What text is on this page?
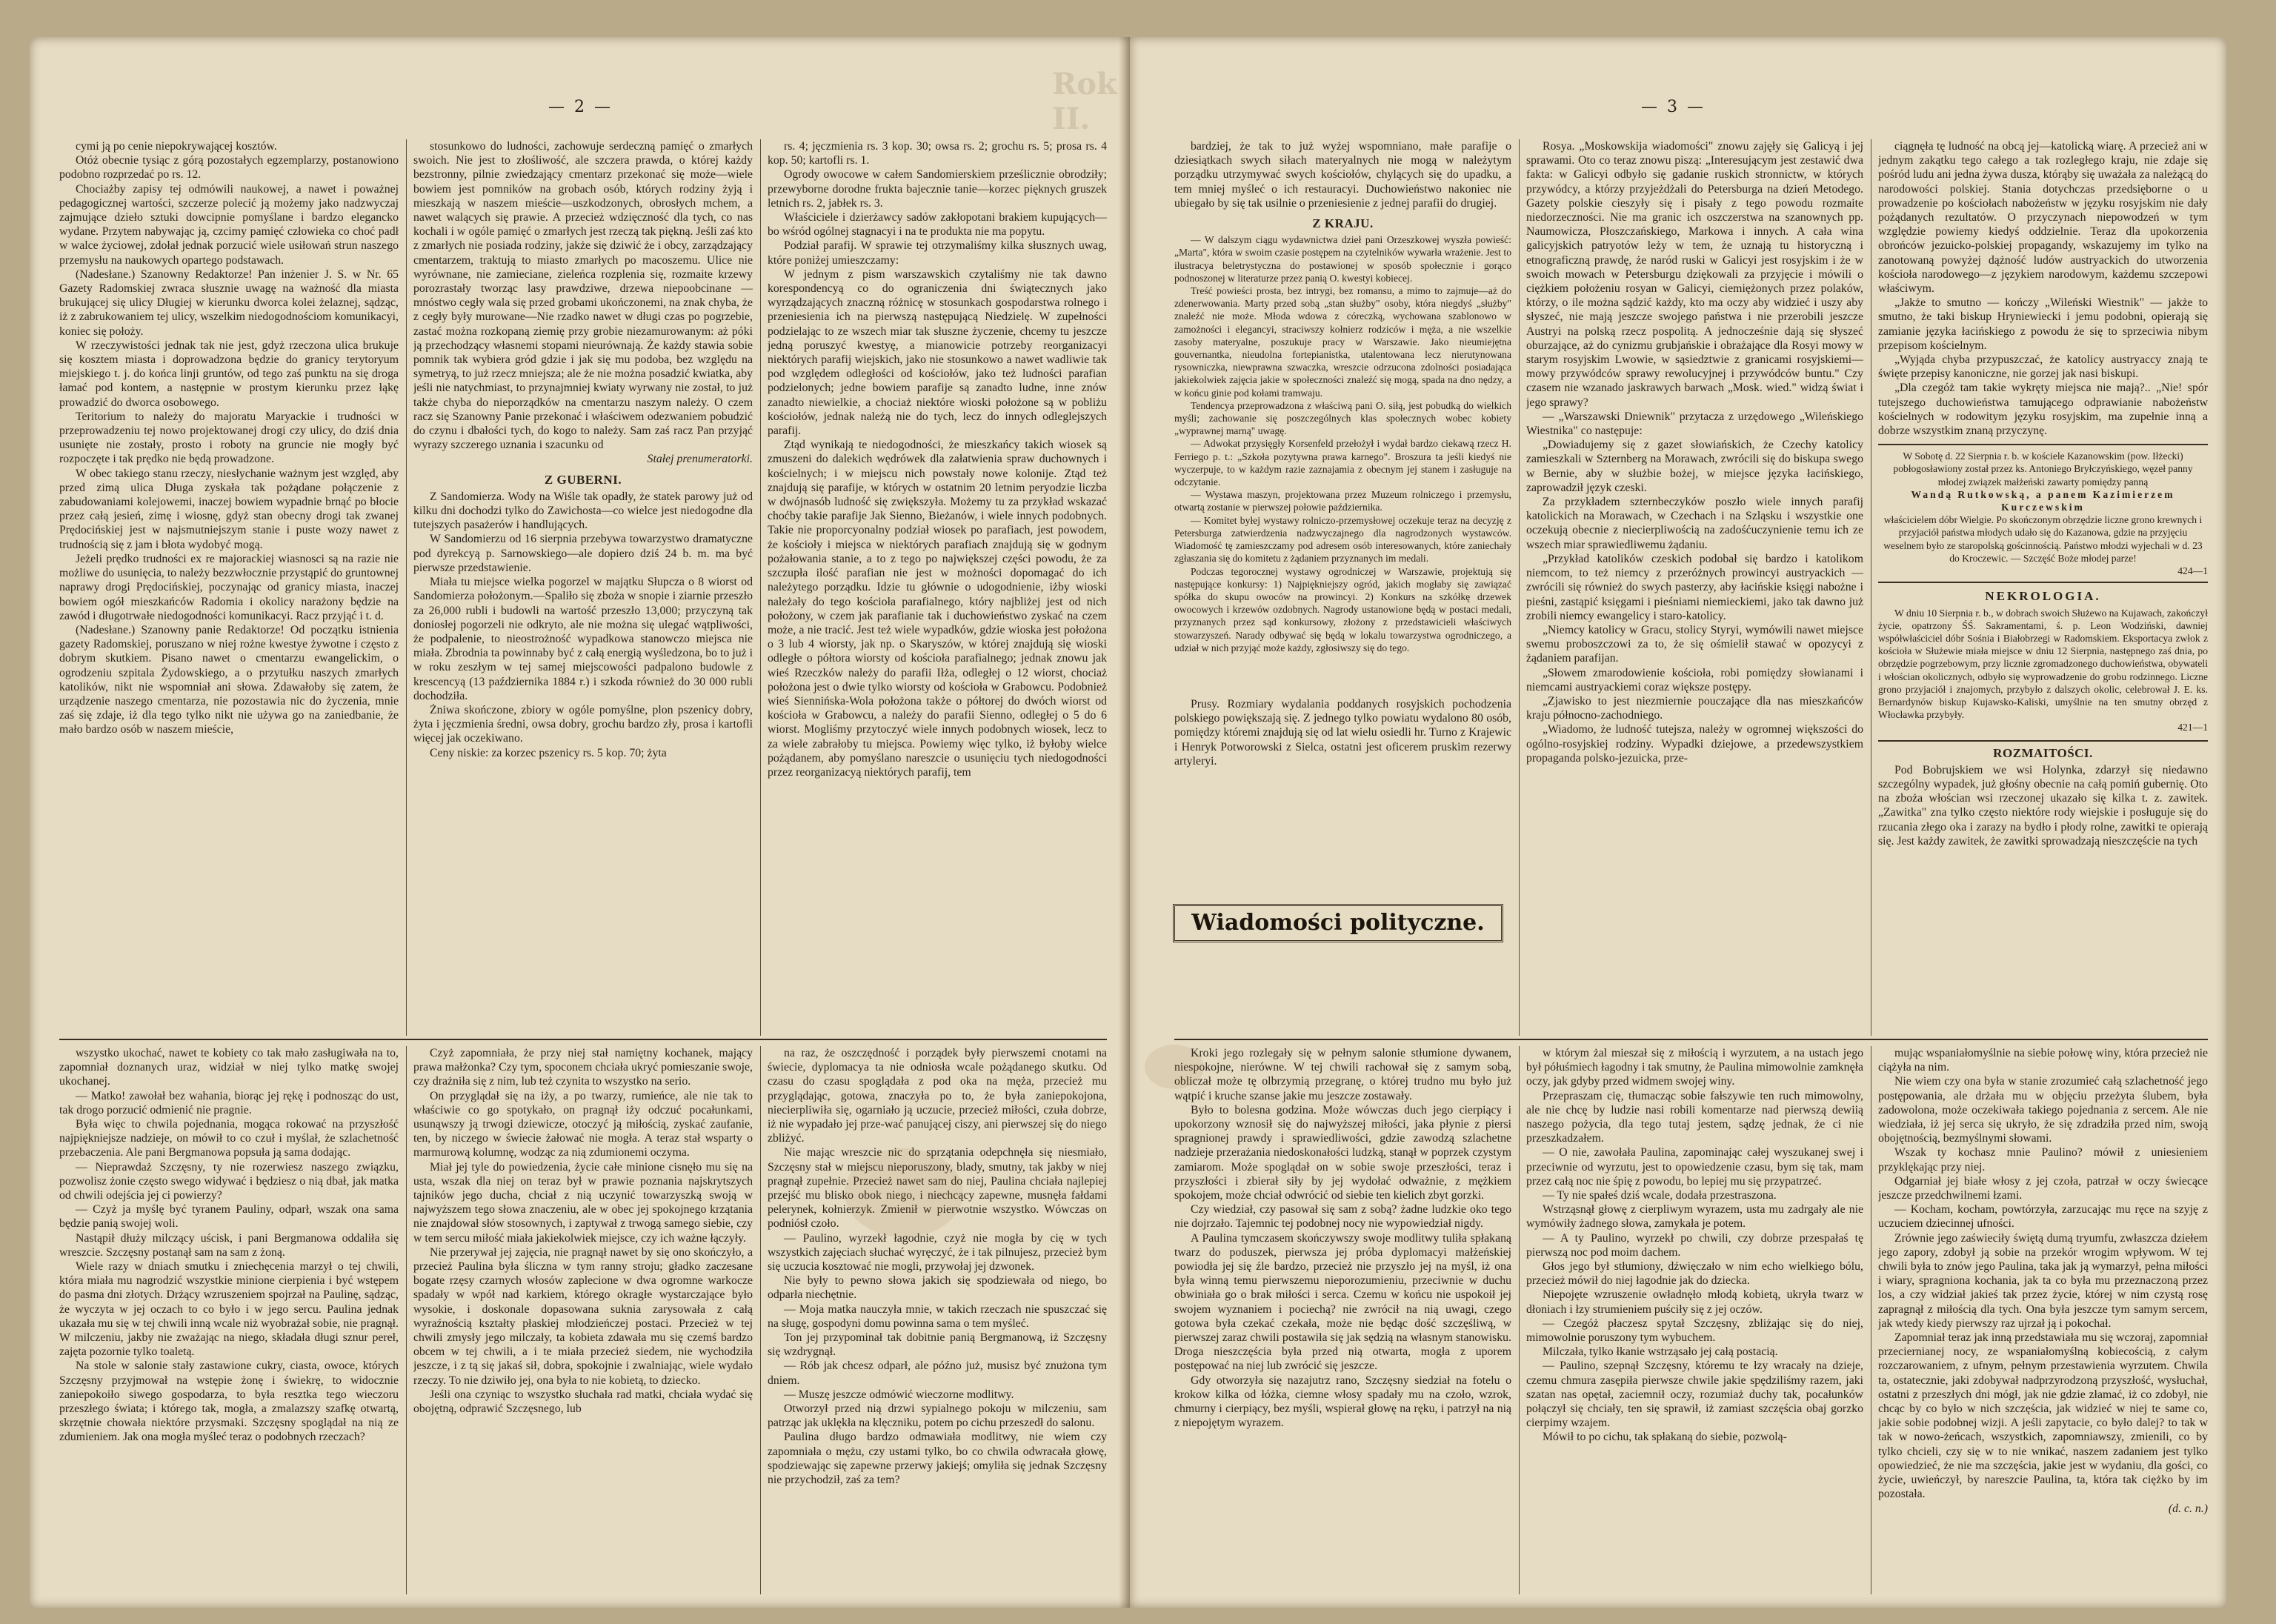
Rok II.
— 2 —

cymi ją po cenie niepokrywającej kosztów.

Otóż obecnie tysiąc z górą pozostałych egzemplarzy, postanowiono podobno rozprzedać po rs. 12.

Chociażby zapisy tej odmówili naukowej, a nawet i poważnej pedagogicznej wartości, szczerze polecić ją możemy jako nadzwyczaj zajmujące dzieło sztuki dowcipnie pomyślane i bardzo elegancko wydane. Przytem nabywając ją, czcimy pamięć człowieka co choć padł w walce życiowej, zdołał jednak porzucić wiele usiłowań strun naszego przemysłu na naukowych opartego podstawach.

(Nadesłane.) Szanowny Redaktorze! Pan inżenier J. S. w Nr. 65 Gazety Radomskiej zwraca słusznie uwagę na ważność dla miasta brukującej się ulicy Długiej w kierunku dworca kolei żelaznej, sądząc, iż z zabrukowaniem tej ulicy, wszelkim niedogodnościom komunikacyi, koniec się położy.

W rzeczywistości jednak tak nie jest, gdyż rzeczona ulica brukuje się kosztem miasta i doprowadzona będzie do granicy terytoryum miejskiego t. j. do końca linji gruntów, od tego zaś punktu na się droga łamać pod kontem, a następnie w prostym kierunku przez łąkę prowadzić do dworca osobowego.

Teritorium to należy do majoratu Maryackie i trudności w przeprowadzeniu tej nowo projektowanej drogi czy ulicy, do dziś dnia usunięte nie zostały, prosto i roboty na gruncie nie mogły być rozpoczęte i tak prędko nie będą prowadzone.

W obec takiego stanu rzeczy, niesłychanie ważnym jest względ, aby przed zimą ulica Długa zyskała tak pożądane połączenie z zabudowaniami kolejowemi, inaczej bowiem wypadnie brnąć po błocie przez całą jesień, zimę i wiosnę, gdyż stan obecny drogi tak zwanej Prędocińskiej jest w najsmutniejszym stanie i puste wozy nawet z trudnością się z jam i błota wydobyć mogą.

Jeżeli prędko trudności ex re majorackiej wiasnosci są na razie nie możliwe do usunięcia, to należy bezzwłocznie przystąpić do gruntownej naprawy drogi Prędocińskiej, poczynając od granicy miasta, inaczej bowiem ogół mieszkańców Radomia i okolicy narażony będzie na zawód i długotrwałe niedogodności komunikacyi. Racz przyjąć i t. d.

(Nadesłane.) Szanowny panie Redaktorze! Od początku istnienia gazety Radomskiej, poruszano w niej rożne kwestye żywotne i często z dobrym skutkiem. Pisano nawet o cmentarzu ewangelickim, o ogrodzeniu szpitala Żydowskiego, a o przytułku naszych zmarłych katolików, nikt nie wspomniał ani słowa. Zdawałoby się zatem, że urządzenie naszego cmentarza, nie pozostawia nic do życzenia, mnie zaś się zdaje, iż dla tego tylko nikt nie używa go na zaniedbanie, że mało bardzo osób w naszem mieście,

stosunkowo do ludności, zachowuje serdeczną pamięć o zmarłych swoich. Nie jest to złośliwość, ale szczera prawda, o której każdy bezstronny, pilnie zwiedzający cmentarz przekonać się może—wiele bowiem jest pomników na grobach osób, których rodziny żyją i mieszkają w naszem mieście—uszkodzonych, obrosłych mchem, a nawet walących się prawie. A przecież wdzięczność dla tych, co nas kochali i w ogóle pamięć o zmarłych jest rzeczą tak piękną. Jeśli zaś kto z zmarłych nie posiada rodziny, jakże się dziwić że i obcy, zarządzający cmentarzem, traktują to miasto zmarłych po macoszemu. Ulice nie wyrównane, nie zamieciane, zieleńca rozplenia się, rozmaite krzewy porozrastały tworząc lasy prawdziwe, drzewa niepoobcinane — mnóstwo cegły wala się przed grobami ukończonemi, na znak chyba, że z cegły były murowane—Nie rzadko nawet w długi czas po pogrzebie, zastać można rozkopaną ziemię przy grobie niezamurowanym: aż póki ją przechodzący własnemi stopami nieurównają. Że każdy stawia sobie pomnik tak wybiera gród gdzie i jak się mu podoba, bez względu na symetryą, to już rzecz mniejsza; ale że nie można posadzić kwiatka, aby jeśli nie natychmiast, to przynajmniej kwiaty wyrwany nie został, to już także chyba do nieporządków na cmentarzu naszym należy. O czem racz się Szanowny Panie przekonać i właściwem odezwaniem pobudzić do czynu i dbałości tych, do kogo to należy. Sam zaś racz Pan przyjąć wyrazy szczerego uznania i szacunku od

Stałej prenumeratorki.

Z GUBERNI.

Z Sandomierza. Wody na Wiśle tak opadły, że statek parowy już od kilku dni dochodzi tylko do Zawichosta—co wielce jest niedogodne dla tutejszych pasażerów i handlujących.

W Sandomierzu od 16 sierpnia przebywa towarzystwo dramatyczne pod dyrekcyą p. Sarnowskiego—ale dopiero dziś 24 b. m. ma być pierwsze przedstawienie.

Miała tu miejsce wielka pogorzel w majątku Słupcza o 8 wiorst od Sandomierza położonym.—Spaliło się zboża w snopie i ziarnie przeszło za 26,000 rubli i budowli na wartość przeszło 13,000; przyczyną tak doniosłej pogorzeli nie odkryto, ale nie można się ulegać wątpliwości, że podpalenie, to nieostrożność wypadkowa stanowczo miejsca nie miała. Zbrodnia ta powinnaby być z całą energią wyśledzona, bo to już i w roku zeszłym w tej samej miejscowości padpalono budowle z krescencyą (13 października 1884 r.) i szkoda również do 30 000 rubli dochodziła.

Żniwa skończone, zbiory w ogóle pomyślne, plon pszenicy dobry, żyta i jęczmienia średni, owsa dobry, grochu bardzo zły, prosa i kartofli więcej jak oczekiwano.

Ceny niskie: za korzec pszenicy rs. 5 kop. 70; żyta

rs. 4; jęczmienia rs. 3 kop. 30; owsa rs. 2; grochu rs. 5; prosa rs. 4 kop. 50; kartofli rs. 1.

Ogrody owocowe w całem Sandomierskiem prześlicznie obrodziły; przewyborne dorodne frukta bajecznie tanie—korzec pięknych gruszek letnich rs. 2, jabłek rs. 3.

Właściciele i dzierżawcy sadów zakłopotani brakiem kupujących—bo wśród ogólnej stagnacyi i na te produkta nie ma popytu.

Podział parafij. W sprawie tej otrzymaliśmy kilka słusznych uwag, które poniżej umieszczamy:

W jednym z pism warszawskich czytaliśmy nie tak dawno korespondencyą co do ograniczenia dni świątecznych jako wyrządzających znaczną różnicę w stosunkach gospodarstwa rolnego i przeniesienia ich na pierwszą następującą Niedzielę. W zupełności podzielając to ze wszech miar tak słuszne życzenie, chcemy tu jeszcze jedną poruszyć kwestyę, a mianowicie potrzeby reorganizacyi niektórych parafij wiejskich, jako nie stosunkowo a nawet wadliwie tak pod względem odległości od kościołów, jako też ludności parafian podzielonych; jedne bowiem parafije są zanadto ludne, inne znów zanadto niewielkie, a chociaż niektóre wioski położone są w pobliżu kościołów, jednak należą nie do tych, lecz do innych odleglejszych parafij.

Ztąd wynikają te niedogodności, że mieszkańcy takich wiosek są zmuszeni do dalekich wędrówek dla załatwienia spraw duchownych i kościelnych; i w miejscu nich powstały nowe kolonije. Ztąd też znajdują się parafije, w których w ostatnim 20 letnim peryodzie liczba w dwójnasób ludność się zwiększyła. Możemy tu za przykład wskazać choćby takie parafije Jak Sienno, Bieżanów, i wiele innych podobnych. Takie nie proporcyonalny podział wiosek po parafiach, jest powodem, że kościoły i miejsca w niektórych parafiach znajdują się w godnym pożałowania stanie, a to z tego po największej części powodu, że za szczupła ilość parafian nie jest w możności dopomagać do ich należytego porządku. Idzie tu głównie o udogodnienie, iżby wioski należały do tego kościoła parafialnego, który najbliżej jest od nich położony, w czem jak parafianie tak i duchowieństwo zyskać na czem może, a nie tracić. Jest też wiele wypadków, gdzie wioska jest położona o 3 lub 4 wiorsty, jak np. o Skaryszów, w której znajdują się wioski odległe o półtora wiorsty od kościoła parafialnego; jednak znowu jak wieś Rzeczków należy do parafii Iłża, odległej o 12 wiorst, chociaż położona jest o dwie tylko wiorsty od kościoła w Grabowcu. Podobnież wieś Siennińska-Wola położona także o półtorej do dwóch wiorst od kościoła w Grabowcu, a należy do parafii Sienno, odległej o 5 do 6 wiorst. Mogliśmy przytoczyć wiele innych podobnych wiosek, lecz to za wiele zabrałoby tu miejsca. Powiemy więc tylko, iż byłoby wielce pożądanem, aby pomyślano nareszcie o usunięciu tych niedogodności przez reorganizacyą niektórych parafij, tem

wszystko ukochać, nawet te kobiety co tak mało zasługiwała na to, zapomniał doznanych uraz, widział w niej tylko matkę swojej ukochanej.

— Matko! zawołał bez wahania, biorąc jej rękę i podnosząc do ust, tak drogo porzucić odmienić nie pragnie.

Była więc to chwila pojednania, mogąca rokować na przyszłość najpiękniejsze nadzieje, on mówił to co czuł i myślał, że szlachetność przebaczenia. Ale pani Bergmanowa popsuła ją sama dodając.

— Nieprawdaż Szczęsny, ty nie rozerwiesz naszego związku, pozwolisz żonie często swego widywać i będziesz o nią dbał, jak matka od chwili odejścia jej ci powierzy?

— Czyż ja myślę być tyranem Pauliny, odparł, wszak ona sama będzie panią swojej woli.

Nastąpił dłuży milczący uścisk, i pani Bergmanowa oddaliła się wreszcie. Szczęsny postanął sam na sam z żoną.

Wiele razy w dniach smutku i zniechęcenia marzył o tej chwili, która miała mu nagrodzić wszystkie minione cierpienia i być wstępem do pasma dni złotych. Drżący wzruszeniem spojrzał na Paulinę, sądząc, że wyczyta w jej oczach to co było i w jego sercu. Paulina jednak ukazała mu się w tej chwili inną wcale niż wyobrażał sobie, nie pragnął. W milczeniu, jakby nie zważając na niego, składała długi sznur pereł, zajęta pozornie tylko toaletą.

Na stole w salonie stały zastawione cukry, ciasta, owoce, których Szczęsny przyjmował na wstępie żonę i świekrę, to widocznie zaniepokoiło siwego gospodarza, to była resztka tego wieczoru przeszłego świata; i którego tak, mogła, a zmalazszy szafkę otwartą, skrzętnie chowała niektóre przysmaki. Szczęsny spoglądał na nią ze zdumieniem. Jak ona mogła myśleć teraz o podobnych rzeczach?

Czyż zapomniała, że przy niej stał namiętny kochanek, mający prawa małżonka? Czy tym, spoconem chciała ukryć pomieszanie swoje, czy drażniła się z nim, lub też czynita to wszystko na serio.

On przyglądał się na iży, a po twarzy, rumieńce, ale nie tak to właściwie co go spotykało, on pragnął iży odczuć pocałunkami, usunąwszy ją trwogi dziewicze, otoczyć ją miłością, zyskać zaufanie, ten, by niczego w świecie żałować nie mogła. A teraz stał wsparty o marmurową kolumnę, wodząc za nią zdumionemi oczyma.

Miał jej tyle do powiedzenia, życie całe minione cisnęło mu się na usta, wszak dla niej on teraz był w prawie poznania najskrytszych tajników jego ducha, chciał z nią uczynić towarzyszką swoją w najwyższem tego słowa znaczeniu, ale w obec jej spokojnego krzątania nie znajdował słów stosownych, i zaptywał z trwogą samego siebie, czy w tem sercu miłość miała jakiekolwiek miejsce, czy ich ważne łączyły.

Nie przerywał jej zajęcia, nie pragnął nawet by się ono skończyło, a przecież Paulina była śliczna w tym ranny stroju; gładko zaczesane bogate rzęsy czarnych włosów zaplecione w dwa ogromne warkocze spadały w wpół nad karkiem, którego okragłe wystarczające było wysokie, i doskonale dopasowana suknia zarysowała z całą wyraźnością kształty płaskiej młodzieńczej postaci. Przecież w tej chwili zmysły jego milczały, ta kobieta zdawała mu się czemś bardzo obcem w tej chwili, a i te miała przecież siedem, nie wychodziła jeszcze, i z tą się jakaś sił, dobra, spokojnie i zwalniając, wiele wydało rzeczy. To nie dziwiło jej, ona była to nie kobietą, to dziecko.

Jeśli ona czyniąc to wszystko słuchała rad matki, chciała wydać się obojętną, odprawić Szczęsnego, lub

na raz, że oszczędność i porządek były pierwszemi cnotami na świecie, dyplomacya ta nie odniosła wcale pożądanego skutku. Od czasu do czasu spoglądała z pod oka na męża, przecież mu przyglądając, gotowa, znaczyła po to, że była zaniepokojona, niecierpliwiła się, ogarniało ją uczucie, przecież miłości, czuła dobrze, iż nie wypadało jej prze-wać panującej ciszy, ani pierwszej się do niego zbliżyć.

Nie mając wreszcie nic do sprzątania odepchnęła się niesmiało, Szczęsny stał w miejscu nieporuszony, blady, smutny, tak jakby w niej pragnął zupełnie. Przecież nawet sam do niej, Paulina chciała najlepiej przejść mu blisko obok niego, i niechcący zapewne, musnęła fałdami pelerynek, kołnierzyk. Zmienił w pierwotnie wszystko. Wówczas on podniósł czoło.

— Paulino, wyrzekł łagodnie, czyż nie mogła by cię w tych wszystkich zajęciach słuchać wyręczyć, że i tak pilnujesz, przecież bym się uczucia kosztować nie mogli, przywołaj jej dzwonek.

Nie były to pewno słowa jakich się spodziewała od niego, bo odparła niechętnie.

— Moja matka nauczyła mnie, w takich rzeczach nie spuszczać się na sługę, gospodyni domu powinna sama o tem myśleć.

Ton jej przypominał tak dobitnie panią Bergmanową, iż Szczęsny się wzdrygnął.

— Rób jak chcesz odparł, ale późno już, musisz być znużona tym dniem.

— Muszę jeszcze odmówić wieczorne modlitwy.

Otworzył przed nią drzwi sypialnego pokoju w milczeniu, sam patrząc jak uklękła na klęczniku, potem po cichu przeszedł do salonu.

Paulina długo bardzo odmawiała modlitwy, nie wiem czy zapomniała o mężu, czy ustami tylko, bo co chwila odwracała głowę, spodziewając się zapewne przerwy jakiejś; omyliła się jednak Szczęsny nie przychodził, zaś za tem?

— 3 —

bardziej, że tak to już wyżej wspomniano, małe parafije o dziesiątkach swych siłach materyalnych nie mogą w należytym porządku utrzymywać swych kościołów, chylących się do upadku, a tem mniej myśleć o ich restauracyi. Duchowieństwo nakoniec nie ubiegało by się tak usilnie o przeniesienie z jednej parafii do drugiej.

Z KRAJU.

— W dalszym ciągu wydawnictwa dzieł pani Orzeszkowej wyszła powieść: „Marta", która w swoim czasie postępem na czytelników wywarła wrażenie. Jest to ilustracya beletrystyczna do postawionej w sposób społecznie i gorąco podnoszonej w literaturze przez panią O. kwestyi kobiecej.

Treść powieści prosta, bez intrygi, bez romansu, a mimo to zajmuje—aż do zdenerwowania. Marty przed sobą „stan służby" osoby, która niegdyś „służby" znaleźć nie może. Młoda wdowa z córeczką, wychowana szablonowo w zamożności i elegancyi, straciwszy kołnierz rodziców i męża, a nie wszelkie zasoby materyalne, poszukuje pracy w Warszawie. Jako nieumiejętna gouvernantka, nieudolna fortepianistka, utalentowana lecz nierutynowana rysowniczka, niewprawna szwaczka, wreszcie odrzucona zdolności posiadająca jakiekolwiek zajęcia jakie w społeczności znaleźć się mogą, spada na dno nędzy, a w końcu ginie pod kołami tramwaju.

Tendencya przeprowadzona z właściwą pani O. siłą, jest pobudką do wielkich myśli; zachowanie się poszczególnych klas społecznych wobec kobiety „wyprawnej marną" uwagę.

— Adwokat przysięgły Korsenfeld przełożył i wydał bardzo ciekawą rzecz H. Ferriego p. t.: „Szkoła pozytywna prawa karnego". Broszura ta jeśli kiedyś nie wyczerpuje, to w każdym razie zaznajamia z obecnym jej stanem i zasługuje na odczytanie.

— Wystawa maszyn, projektowana przez Muzeum rolniczego i przemysłu, otwartą zostanie w pierwszej połowie października.

— Komitet byłej wystawy rolniczo-przemysłowej oczekuje teraz na decyzję z Petersburga zatwierdzenia nadzwyczajnego dla nagrodzonych wystawców. Wiadomość tę zamieszczamy pod adresem osób interesowanych, które zaniechały zgłaszania się do komitetu z żądaniem przyznanych im medali.

Podczas tegorocznej wystawy ogrodniczej w Warszawie, projektują się następujące konkursy: 1) Najpiękniejszy ogród, jakich mogłaby się zawiązać spółka do skupu owoców na prowincyi. 2) Konkurs na szkółkę drzewek owocowych i krzewów ozdobnych. Nagrody ustanowione będą w postaci medali, przyznanych przez sąd konkursowy, złożony z przedstawicieli właściwych stowarzyszeń. Narady odbywać się będą w lokalu towarzystwa ogrodniczego, a udział w nich przyjąć może każdy, zgłosiwszy się do tego.

Prusy. Rozmiary wydalania poddanych rosyjskich pochodzenia polskiego powiększają się. Z jednego tylko powiatu wydalono 80 osób, pomiędzy któremi znajdują się od lat wielu osiedli hr. Turno z Krajewic i Henryk Potworowski z Sielca, ostatni jest oficerem pruskim rezerwy artyleryi.

Wiadomości polityczne.

Rosya. „Moskowskija wiadomości" znowu zajęły się Galicyą i jej sprawami. Oto co teraz znowu piszą: „Interesującym jest zestawić dwa fakta: w Galicyi odbyło się gadanie ruskich stronnictw, w których przywódcy, a którzy przyjeżdżali do Petersburga na dzień Metodego. Gazety polskie cieszyły się i pisały z tego powodu rozmaite niedorzeczności. Nie ma granic ich oszczerstwa na szanownych pp. Naumowicza, Płoszczańskiego, Markowa i innych. A cała wina galicyjskich patryotów leży w tem, że uznają tu historyczną i etnograficzną prawdę, że naród ruski w Galicyi jest rosyjskim i że w swoich mowach w Petersburgu dziękowali za przyjęcie i mówili o ciężkiem położeniu rosyan w Galicyi, ciemiężonych przez polaków, którzy, o ile można sądzić każdy, kto ma oczy aby widzieć i uszy aby słyszeć, nie mają jeszcze swojego państwa i nie przerobili jeszcze Austryi na polską rzecz pospolitą. A jednocześnie dają się słyszeć oburzające, aż do cynizmu grubjańskie i obrażające dla Rosyi mowy w starym rosyjskim Lwowie, w sąsiedztwie z granicami rosyjskiemi—mowy przywódców sprawy rewolucyjnej i przywódców buntu." Czy czasem nie wzanado jaskrawych barwach „Mosk. wied." widzą świat i jego sprawy?

— „Warszawski Dniewnik" przytacza z urzędowego „Wileńskiego Wiestnika" co następuje:

„Dowiadujemy się z gazet słowiańskich, że Czechy katolicy zamieszkali w Szternberg na Morawach, zwrócili się do biskupa swego w Bernie, aby w służbie bożej, w miejsce języka łacińskiego, zaprowadził język czeski.

Za przykładem szternbeczyków poszło wiele innych parafij katolickich na Morawach, w Czechach i na Szląsku i wszystkie one oczekują obecnie z niecierpliwością na zadośćuczynienie temu ich ze wszech miar sprawiedliwemu żądaniu.

„Przykład katolików czeskich podobał się bardzo i katolikom niemcom, to też niemcy z przeróżnych prowincyi austryackich — zwrócili się również do swych pasterzy, aby łacińskie księgi nabożne i pieśni, zastąpić księgami i pieśniami niemieckiemi, jako tak dawno już zrobili niemcy ewangelicy i staro-katolicy.

„Niemcy katolicy w Gracu, stolicy Styryi, wymówili nawet miejsce swemu proboszczowi za to, że się ośmielił stawać w opozycyi z żądaniem parafijan.

„Słowem zmarodowienie kościoła, robi pomiędzy słowianami i niemcami austryackiemi coraz większe postępy.

„Zjawisko to jest niezmiernie pouczające dla nas mieszkańców kraju północno-zachodniego.

„Wiadomo, że ludność tutejsza, należy w ogromnej większości do ogólno-rosyjskiej rodziny. Wypadki dziejowe, a przedewszystkiem propaganda polsko-jezuicka, prze-

ciągnęła tę ludność na obcą jej—katolicką wiarę. A przecież ani w jednym zakątku tego całego a tak rozległego kraju, nie zdaje się pośród ludu ani jedna żywa dusza, którąby się uważała za należącą do narodowości polskiej. Stania dotychczas przedsięborne o u prowadzenie po kościołach nabożeństw w języku rosyjskim nie dały pożądanych rezultatów. O przyczynach niepowodzeń w tym względzie powiemy kiedyś oddzielnie. Teraz dla upokorzenia obrońców jezuicko-polskiej propagandy, wskazujemy im tylko na zanotowaną powyżej dążność ludów austryackich do utworzenia kościoła narodowego—z językiem narodowym, każdemu szczepowi właściwym.

„Jakże to smutno — kończy „Wileński Wiestnik" — jakże to smutno, że taki biskup Hryniewiecki i jemu podobni, opierają się zamianie języka łacińskiego z powodu że się to sprzeciwia nibym przepisom kościelnym.

„Wyjąda chyba przypuszczać, że katolicy austryaccy znają te święte przepisy kanoniczne, nie gorzej jak nasi biskupi.

„Dla czegóż tam takie wykręty miejsca nie mają?.. „Nie! spór tutejszego duchowieństwa tamującego odprawianie nabożeństw kościelnych w rodowitym języku rosyjskim, ma zupełnie inną a dobrze wszystkim znaną przyczynę.

W Sobotę d. 22 Sierpnia r. b. w kościele Kazanowskim (pow. Iłżecki) pobłogosławiony został przez ks. Antoniego Bryłczyńskiego, węzeł panny młodej związek małżeński zawarty pomiędzy panną
Wandą Rutkowską, a panem Kazimierzem Kurczewskim
właścicielem dóbr Wielgie. Po skończonym obrzędzie liczne grono krewnych i przyjaciół państwa młodych udało się do Kazanowa, gdzie na przyjęciu weselnem było ze staropolską gościnnością. Państwo młodzi wyjechali w d. 23 do Kroczewic. — Szczęść Boże młodej parze!
424—1
NEKROLOGIA.

W dniu 10 Sierpnia r. b., w dobrach swoich Służewo na Kujawach, zakończył życie, opatrzony ŚŚ. Sakramentami, ś. p. Leon Wodziński, dawniej współwłaściciel dóbr Sośnia i Białobrzegi w Radomskiem. Eksportacya zwłok z kościoła w Służewie miała miejsce w dniu 12 Sierpnia, następnego zaś dnia, po obrzędzie pogrzebowym, przy licznie zgromadzonego duchowieństwa, obywateli i włościan okolicznych, odbyło się wyprowadzenie do grobu rodzinnego. Liczne grono przyjaciół i znajomych, przybyło z dalszych okolic, celebrował J. E. ks. Bernardynów biskup Kujawsko-Kaliski, umyślnie na ten smutny obrzęd z Włocławka przybyły.

421—1
ROZMAITOŚCI.

Pod Bobrujskiem we wsi Holynka, zdarzył się niedawno szczególny wypadek, już głośny obecnie na całą pomiń gubernię. Oto na zboża włościan wsi rzeczonej ukazało się kilka t. z. zawitek. „Zawitka" zna tylko często niektóre rody wiejskie i posługuje się do rzucania złego oka i zarazy na bydło i płody rolne, zawitki te opierają się. Jest każdy zawitek, że zawitki sprowadzają nieszczęście na tych

Kroki jego rozlegały się w pełnym salonie stłumione dywanem, niespokojne, nierówne. W tej chwili rachował się z samym sobą, obliczał może tę olbrzymią przegranę, o której trudno mu było już wątpić i kruche szanse jakie mu jeszcze zostawały.

Było to bolesna godzina. Może wówczas duch jego cierpiący i upokorzony wznosił się do najwyższej miłości, jaka płynie z piersi spragnionej prawdy i sprawiedliwości, gdzie zawodzą szlachetne nadzieje przerażania niedoskonałości ludzką, stanął w poprzek czystym zamiarom. Może spoglądał on w sobie swoje przeszłości, teraz i przyszłości i zbierał siły by jej wydołać odważnie, z mężkiem spokojem, może chciał odwrócić od siebie ten kielich zbyt gorzki.

Czy wiedział, czy pasował się sam z sobą? żadne ludzkie oko tego nie dojrzało. Tajemnic tej podobnej nocy nie wypowiedział nigdy.

A Paulina tymczasem skończywszy swoje modlitwy tuliła spłakaną twarz do poduszek, pierwsza jej próba dyplomacyi małżeńskiej powiodła jej się źle bardzo, przecież nie przyszło jej na myśl, iż ona była winną temu pierwszemu nieporozumieniu, przeciwnie w duchu obwiniała go o brak miłości i serca. Czemu w końcu nie uspokoił jej swojem wyznaniem i pociechą? nie zwrócił na nią uwagi, czego gotowa była czekać czekała, może nie będąc dość szczęśliwą, w pierwszej zaraz chwili postawiła się jak sędzią na własnym stanowisku. Droga nieszczęścia była przed nią otwarta, mogła z uporem postępować na niej lub zwrócić się jeszcze.

Gdy otworzyła się nazajutrz rano, Szczęsny siedział na fotelu o krokow kilka od łóżka, ciemne włosy spadały mu na czoło, wzrok, chmurny i cierpiący, bez myśli, wspierał głowę na ręku, i patrzył na nią z niepojętym wyrazem.

w którym żal mieszał się z miłością i wyrzutem, a na ustach jego był półuśmiech łagodny i tak smutny, że Paulina mimowolnie zamknęła oczy, jak gdyby przed widmem swojej winy.

Przepraszam cię, tłumacząc sobie fałszywie ten ruch mimowolny, ale nie chcę by ludzie nasi robili komentarze nad pierwszą dewiią naszego pożycia, dla tego tutaj jestem, sądzę jednak, że ci nie przeszkadzałem.

— O nie, zawołała Paulina, zapominając całej wyszukanej swej i przeciwnie od wyrzutu, jest to opowiedzenie czasu, bym się tak, mam przez całą noc nie śpię z powodu, bo lepiej mu się przypatrzeć.

— Ty nie spałeś dziś wcale, dodała przestraszona.

Wstrząsnął głowę z cierpliwym wyrazem, usta mu zadrgały ale nie wymówiły żadnego słowa, zamykała je potem.

— A ty Paulino, wyrzekł po chwili, czy dobrze przespałaś tę pierwszą noc pod moim dachem.

Głos jego był stłumiony, dźwięczało w nim echo wielkiego bólu, przecież mówił do niej łagodnie jak do dziecka.

Niepojęte wzruszenie owładnęło młodą kobietą, ukryła twarz w dłoniach i łzy strumieniem puściły się z jej oczów.

— Czegóż płaczesz spytał Szczęsny, zbliżając się do niej, mimowolnie poruszony tym wybuchem.

Milczała, tylko łkanie wstrząsało jej całą postacią.

— Paulino, szepnął Szczęsny, któremu te łzy wracały na dzieje, czemu chmura zasępiła pierwsze chwile jakie spędziliśmy razem, jaki szatan nas opętał, zaciemnił oczy, rozumiaż duchy tak, pocałunków połączył się chciały, ten się sprawił, iż zamiast szczęścia obaj gorzko cierpimy wzajem.

Mówił to po cichu, tak spłakaną do siebie, pozwolą-

mując wspaniałomyślnie na siebie połowę winy, która przecież nie ciążyła na nim.

Nie wiem czy ona była w stanie zrozumieć całą szlachetność jego postępowania, ale drżała mu w objęciu przeżyta ślubem, była zadowolona, może oczekiwała takiego pojednania z sercem. Ale nie wiedziała, iż jej serca się ukryło, że się zdradziła przed nim, swoją obojętnością, bezmyślnymi słowami.

Wszak ty kochasz mnie Paulino? mówił z uniesieniem przyklękając przy niej.

Odgarniał jej białe włosy z jej czoła, patrzał w oczy świecące jeszcze przedchwilnemi łzami.

— Kocham, kocham, powtórzyła, zarzucając mu ręce na szyję z uczuciem dziecinnej ufności.

Zrównie jego zaświeciły świętą dumą tryumfu, zwłaszcza dziełem jego zapory, zdobył ją sobie na przekór wrogim wpływom. W tej chwili była to znów jego Paulina, taka jak ją wymarzył, pełna miłości i wiary, spragniona kochania, jak ta co była mu przeznaczoną przez los, a czy widział jakieś tak przez życie, której w nim czystą rosę zapragnął z miłością dla tych. Ona była jeszcze tym samym sercem, jak wtedy kiedy pierwszy raz ujrzał ją i pokochał.

Zapomniał teraz jak inną przedstawiała mu się wczoraj, zapomniał przeciernianej nocy, ze wspaniałomyślną kobiecością, z całym rozczarowaniem, z ufnym, pełnym przestawienia wyrzutem. Chwila ta, ostatecznie, jaki zdobywał nadprzyrodzoną przyszłość, wysłuchał, ostatni z przeszłych dni mógł, jak nie gdzie złamać, iż co zdobył, nie chcąc by co było w nich szczęścia, jak widzieć w niej te same co, jakie sobie podobnej wizji. A jeśli zapytacie, co było dalej? to tak w tak w nowo-żeńcach, wszystkich, zapomniawszy, zmienili, co by tylko chcieli, czy się w to nie wnikać, naszem zadaniem jest tylko opowiedzieć, że nie ma szczęścia, jakie jest w wydaniu, dla gości, co życie, uwieńczył, by nareszcie Paulina, ta, która tak ciężko by im pozostała.

(d. c. n.)
